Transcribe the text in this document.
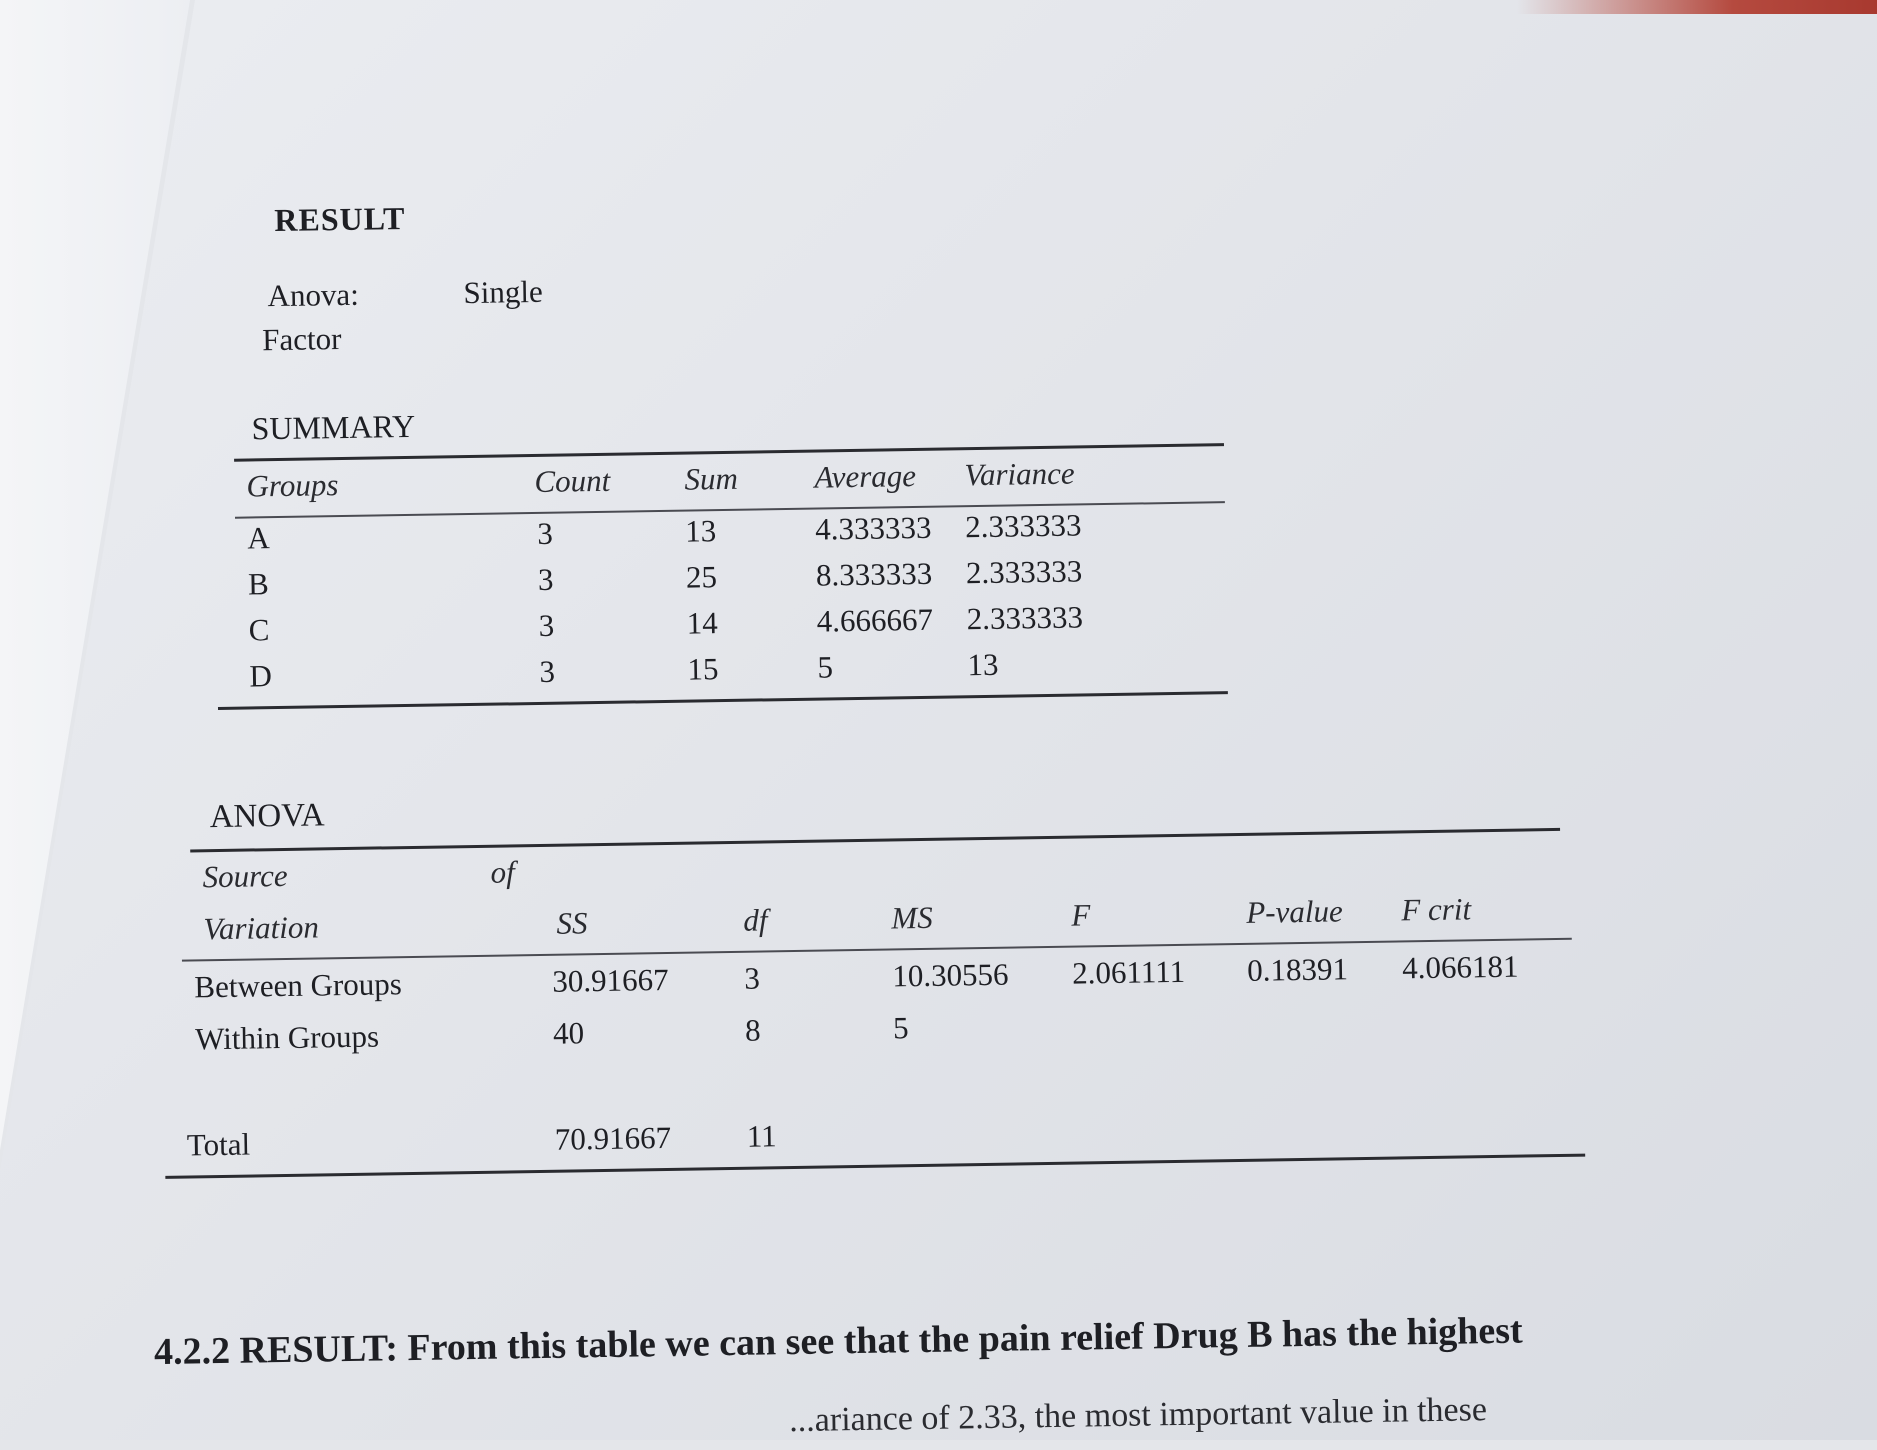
RESULT
Anova:	Single
Factor
SUMMARY
Groups	Count Sum Average Variance
A	3	13	4.333333 2.333333
B	3	25	8.333333 2.333333
C	3	14	4.666667 2.333333
D	3	15	5	13
ANOVA
Source	of
Variation	SS	df	MS	F	P-value F crit
Between Groups	30.91667 3	10.30556 2.061111 0.18391 4.066181
Within Groups	40	8	5
Total	70.91667 11
4.2.2 RESULT: From this table we can see that the pain relief Drug B has the highest
...ariance of 2.33, the most important value in these
